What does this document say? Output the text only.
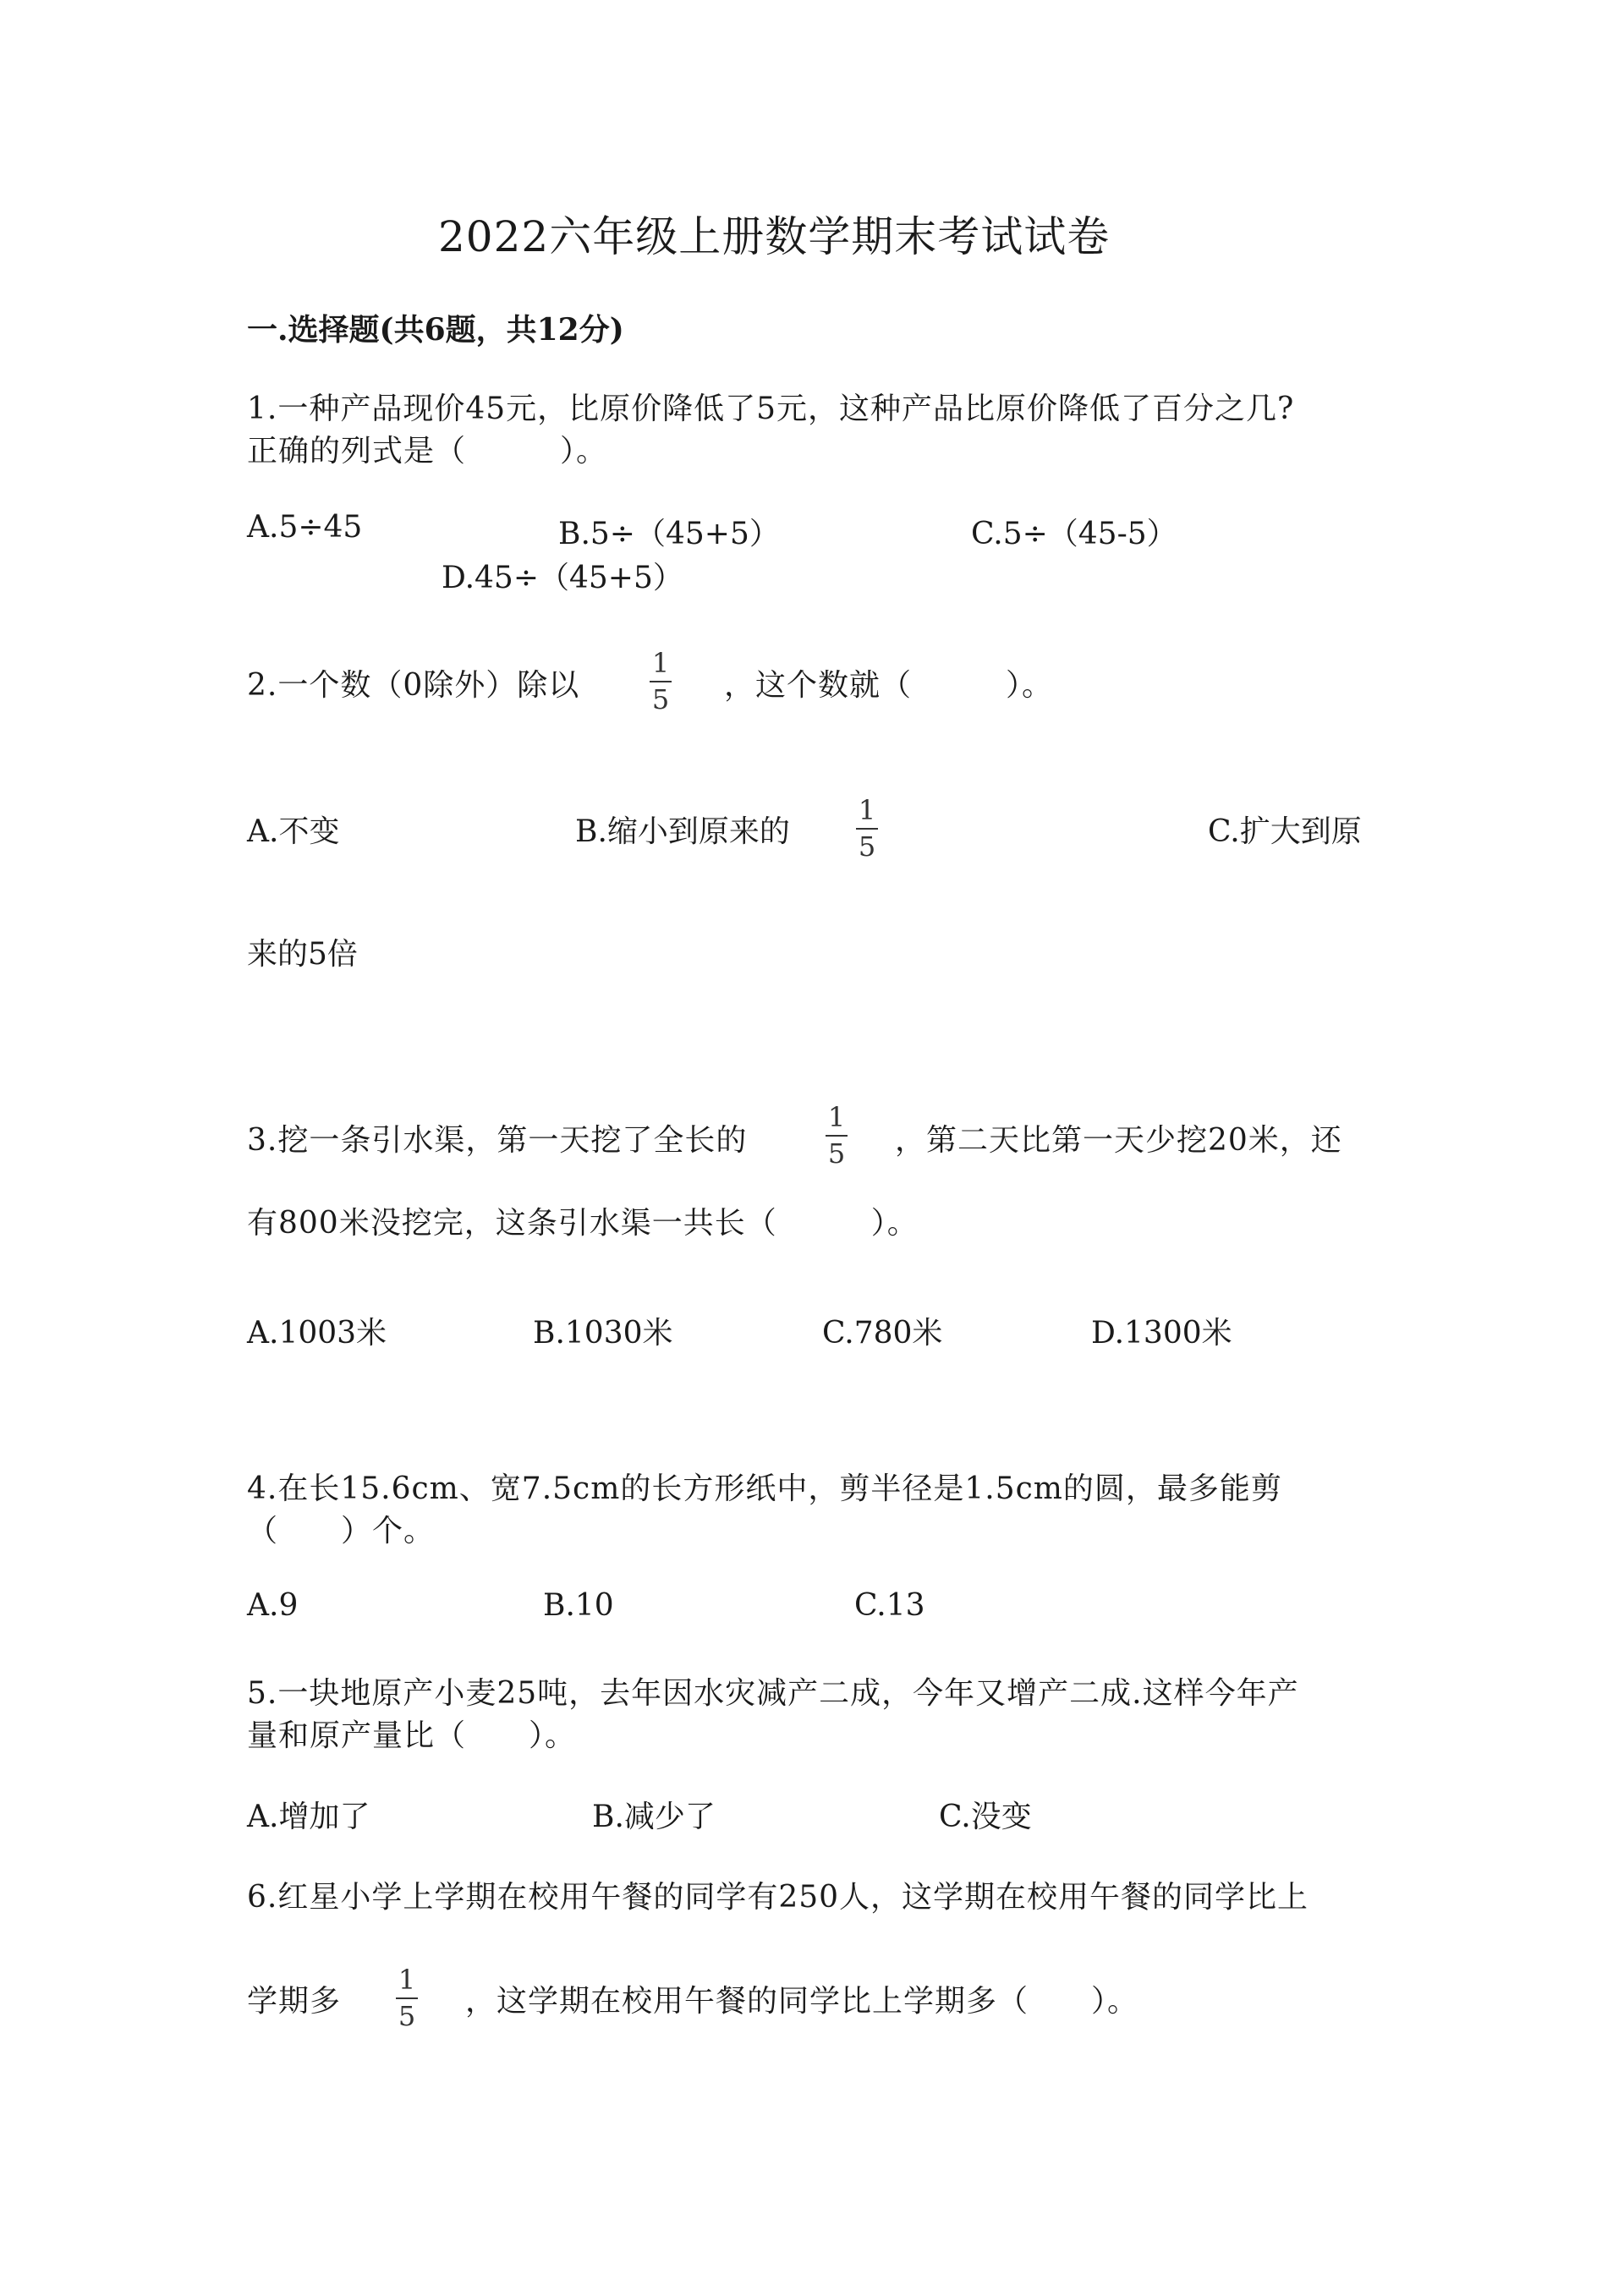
2022六年级上册数学期末考试试卷
一.选择题(共6题，共12分)
1.一种产品现价45元，比原价降低了5元，这种产品比原价降低了百分之几?
正确的列式是（　　　）。
A.5÷45	B.5÷（45+5）	C.5÷（45-5）
D.45÷（45+5）
2.一个数（0除外）除以
1
5 ，这个数就（　　　）。
A.不变	B.缩小到原来的
1
5	C.扩大到原
来的5倍
3.挖一条引水渠，第一天挖了全长的
1
5 ，第二天比第一天少挖20米，还
有800米没挖完，这条引水渠一共长（　　　）。
A.1003米	B.1030米	C.780米	D.1300米
4.在长15.6cm、宽7.5cm的长方形纸中，剪半径是1.5cm的圆，最多能剪
（　　）个。
A.9	B.10	C.13
5.一块地原产小麦25吨，去年因水灾减产二成，今年又增产二成.这样今年产
量和原产量比（　　）。
A.增加了	B.减少了	C.没变
6.红星小学上学期在校用午餐的同学有250人，这学期在校用午餐的同学比上
学期多
1
5 ，这学期在校用午餐的同学比上学期多（　　）。
